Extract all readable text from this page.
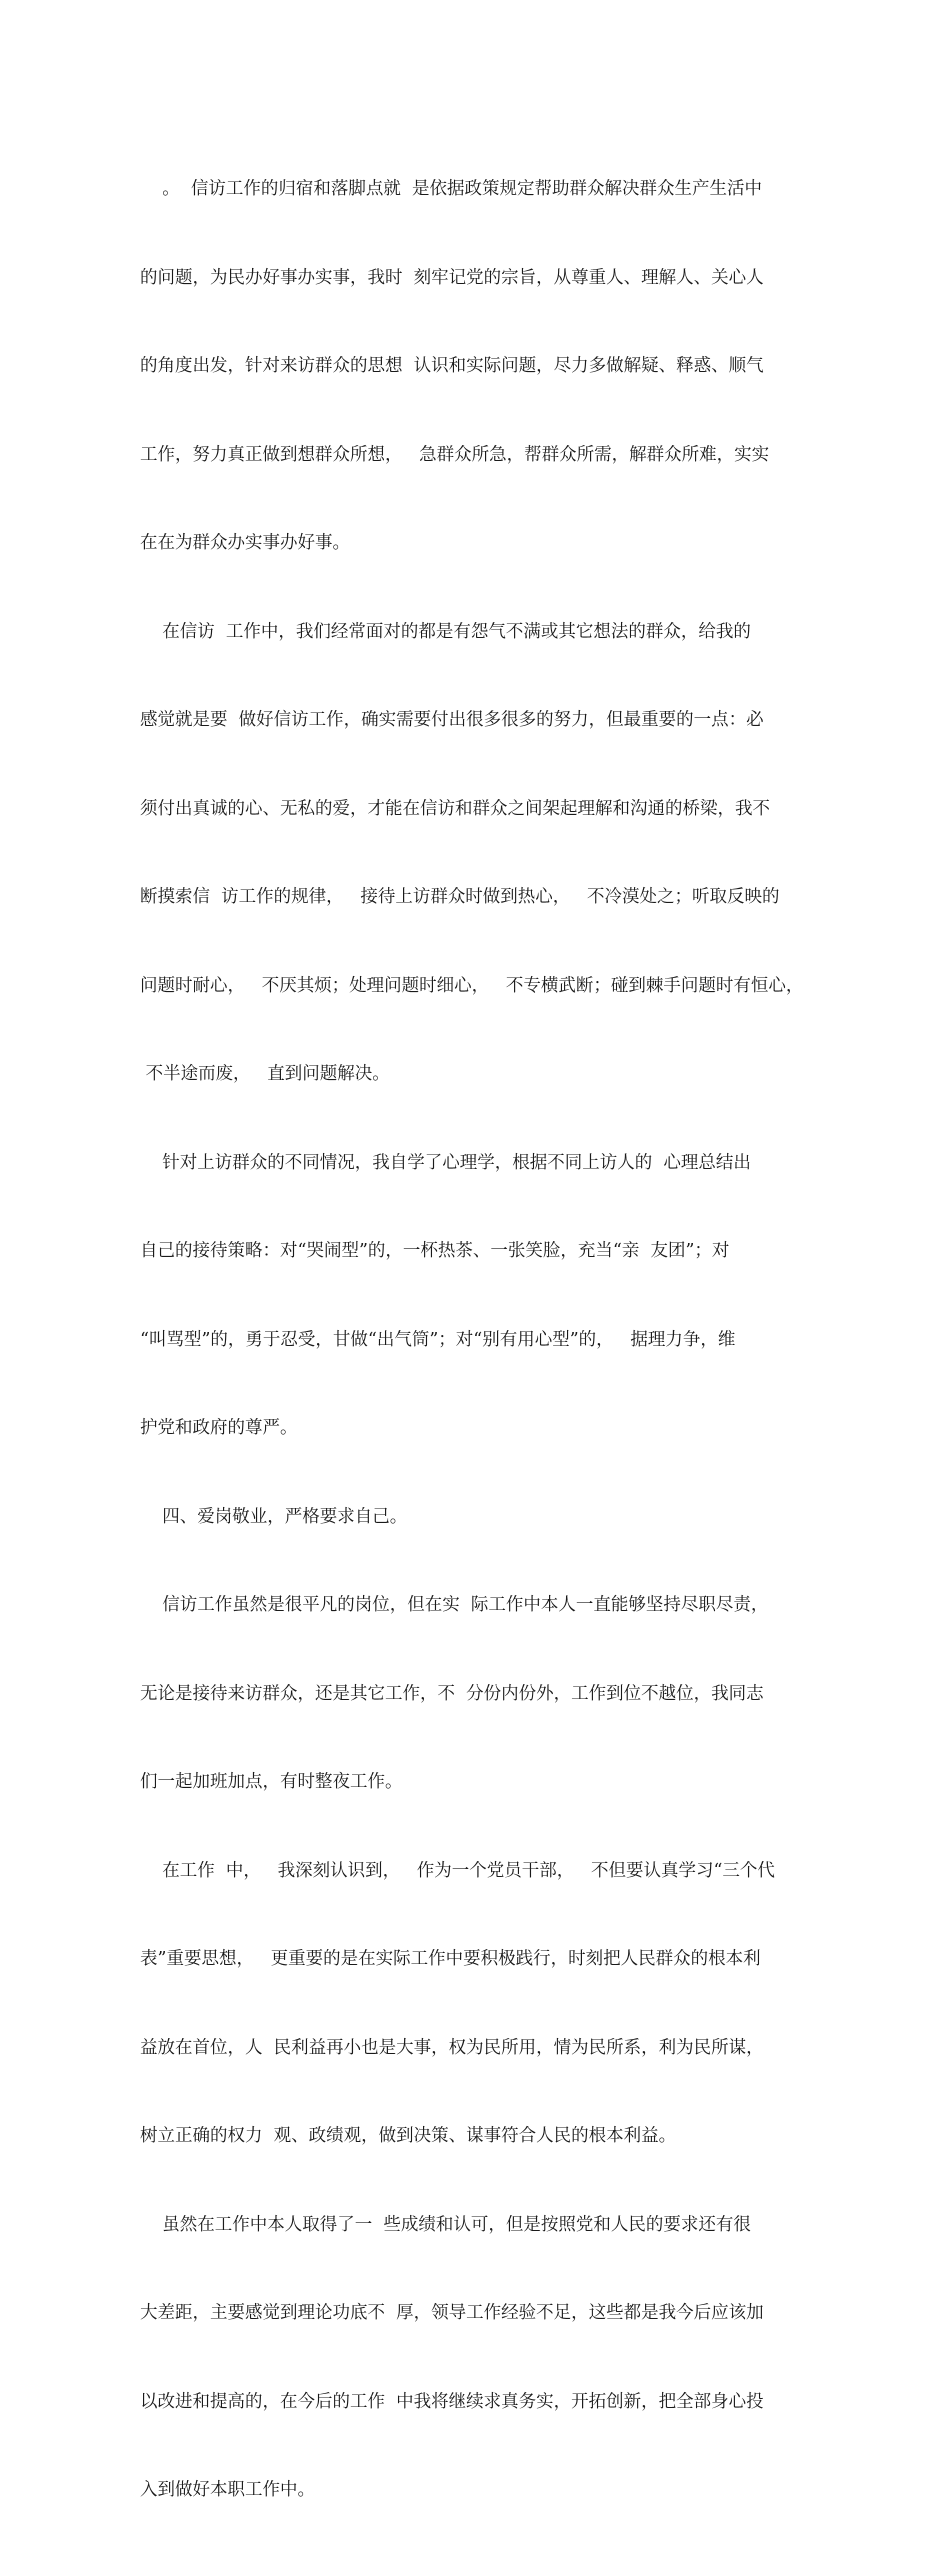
。  信访工作的归宿和落脚点就  是依据政策规定帮助群众解决群众生产生活中

的问题，为民办好事办实事，我时  刻牢记党的宗旨，从尊重人、理解人、关心人

的角度出发，针对来访群众的思想  认识和实际问题，尽力多做解疑、释惑、顺气

工作，努力真正做到想群众所想，   急群众所急，帮群众所需，解群众所难，实实

在在为群众办实事办好事。

在信访  工作中，我们经常面对的都是有怨气不满或其它想法的群众，给我的

感觉就是要  做好信访工作，确实需要付出很多很多的努力，但最重要的一点：必

须付出真诚的心、无私的爱，才能在信访和群众之间架起理解和沟通的桥梁，我不

断摸索信  访工作的规律，   接待上访群众时做到热心，   不冷漠处之；听取反映的

问题时耐心，   不厌其烦；处理问题时细心，   不专横武断；碰到棘手问题时有恒心，

不半途而废，   直到问题解决。

针对上访群众的不同情况，我自学了心理学，根据不同上访人的  心理总结出

自己的接待策略：对“哭闹型”的，一杯热茶、一张笑脸，充当“亲  友团”；对

“叫骂型”的，勇于忍受，甘做“出气筒”；对“别有用心型”的，   据理力争，维

护党和政府的尊严。

四、爱岗敬业，严格要求自己。

信访工作虽然是很平凡的岗位，但在实  际工作中本人一直能够坚持尽职尽责，

无论是接待来访群众，还是其它工作，不  分份内份外，工作到位不越位，我同志

们一起加班加点，有时整夜工作。

在工作  中，   我深刻认识到，   作为一个党员干部，   不但要认真学习“三个代

表”重要思想，   更重要的是在实际工作中要积极践行，时刻把人民群众的根本利

益放在首位，人  民利益再小也是大事，权为民所用，情为民所系，利为民所谋，

树立正确的权力  观、政绩观，做到决策、谋事符合人民的根本利益。

虽然在工作中本人取得了一  些成绩和认可，但是按照党和人民的要求还有很

大差距，主要感觉到理论功底不  厚，领导工作经验不足，这些都是我今后应该加

以改进和提高的，在今后的工作  中我将继续求真务实，开拓创新，把全部身心投

入到做好本职工作中。
